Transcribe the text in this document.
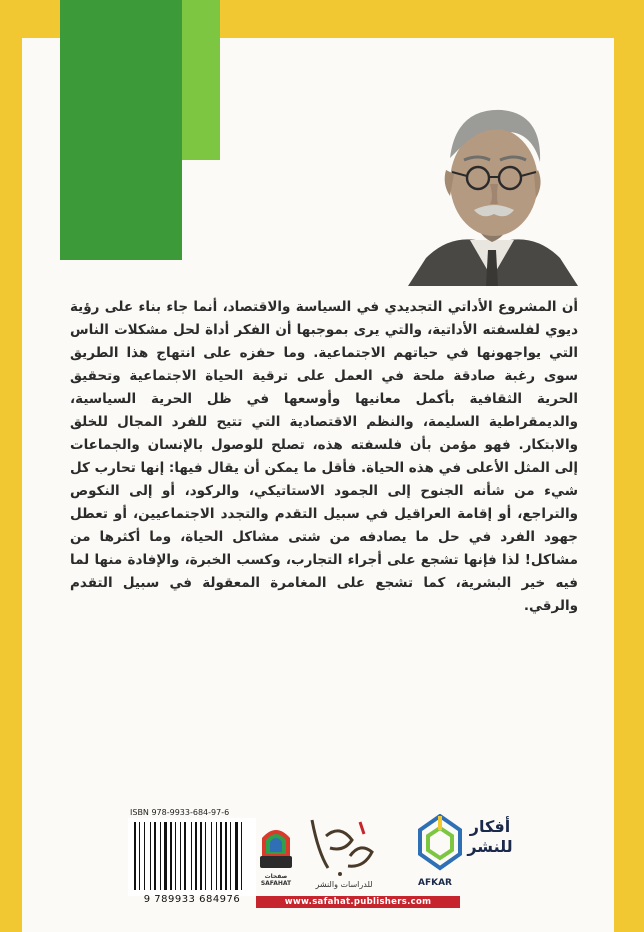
أن المشروع الأداتي التجديدي في السياسة والاقتصاد، أنما جاء بناء على رؤية ديوي لفلسفته الأداتية، والتي يرى بموجبها أن الفكر أداة لحل مشكلات الناس التي يواجهونها في حياتهم الاجتماعية. وما حفزه على انتهاج هذا الطريق سوى رغبة صادقة ملحة في العمل على ترقية الحياة الاجتماعية وتحقيق الحرية الثقافية بأكمل معانيها وأوسعها في ظل الحرية السياسية، والديمقراطية السليمة، والنظم الاقتصادية التي تتيح للفرد المجال للخلق والابتكار. فهو مؤمن بأن فلسفته هذه، تصلح للوصول بالإنسان والجماعات إلى المثل الأعلى في هذه الحياة. فأقل ما يمكن أن يقال فيها: إنها تحارب كل شيء من شأنه الجنوح إلى الجمود الاستاتيكي، والركود، أو إلى النكوص والتراجع، أو إقامة العراقيل في سبيل التقدم والتجدد الاجتماعيين، أو تعطل جهود الفرد في حل ما يصادفه من شتى مشاكل الحياة، وما أكثرها من مشاكل! لذا فإنها تشجع على أجراء التجارب، وكسب الخبرة، والإفادة منها لما فيه خير البشرية، كما تشجع على المغامرة المعقولة في سبيل التقدم والرقي.
ISBN 978-9933-684-97-6
9 789933 684976
صفحات
SAFAHAT	للدراسات والنشر
www.safahat.publishers.com
أفكار للنشر
AFKAR
